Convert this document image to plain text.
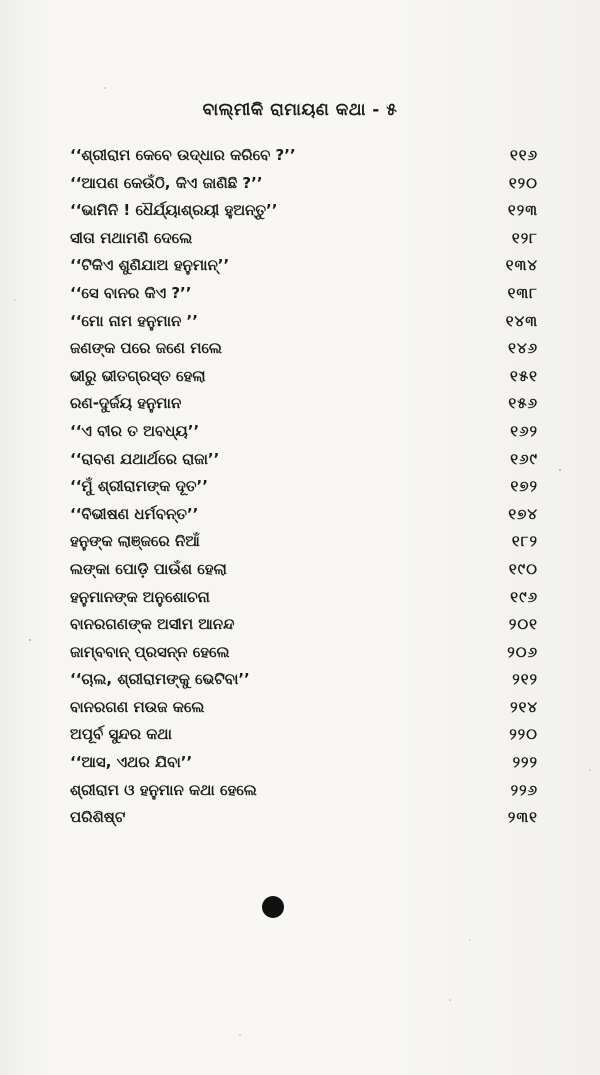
ବାଲ୍ମୀକି ରାମାୟଣ କଥା - ୫
‘‘ଶ୍ରୀରାମ କେବେ ଉଦ୍ଧାର କରିବେ ?’’	୧୧୬
‘‘ଆପଣ କେଉଁଠି, କିଏ ଜାଣିଛି ?’’	୧୨୦
‘‘ଭାମିନି ! ଧୈର୍ଯ୍ୟାଶ୍ରୟୀ ହୁଅନ୍ତୁ’’	୧୨୩
ସୀତା ମଥାମଣି ଦେଲେ	୧୨୮
‘‘ଟିକିଏ ଶୁଣିଯାଅ ହନୁମାନ୍’’	୧୩୪
‘‘ସେ ବାନର କିଏ ?’’	୧୩୮
‘‘ମୋ ନାମ ହନୁମାନ ’’	୧୪୩
ଜଣଙ୍କ ପରେ ଜଣେ ମଲେ	୧୪୬
ଭୀରୁ ଭୀତଗ୍ରସ୍ତ ହେଲା	୧୫୧
ରଣ-ଦୁର୍ଜୟ ହନୁମାନ	୧୫୬
‘‘ଏ ବୀର ତ ଅବଧ୍ୟ’’	୧୬୨
‘‘ରାବଣ ଯଥାର୍ଥରେ ରାଜା’’	୧୬୯
‘‘ମୁଁ ଶ୍ରୀରାମଙ୍କ ଦୂତ’’	୧୭୨
‘‘ବିଭୀଷଣ ଧର୍ମବନ୍ତ’’	୧୭୪
ହନୁଙ୍କ ଲାଞ୍ଜରେ ନିଆଁ	୧୮୨
ଲଙ୍କା ପୋଡ଼ି ପାଉଁଶ ହେଲା	୧୯୦
ହନୁମାନଙ୍କ ଅନୁଶୋଚନା	୧୯୬
ବାନରଗଣଙ୍କ ଅସୀମ ଆନନ୍ଦ	୨୦୧
ଜାମ୍ବବାନ୍ ପ୍ରସନ୍ନ ହେଲେ	୨୦୬
‘‘ଚାଲ, ଶ୍ରୀରାମଙ୍କୁ ଭେଟିବା’’	୨୧୨
ବାନରଗଣ ମଉଜ କଲେ	୨୧୪
ଅପୂର୍ବ ସୁନ୍ଦର କଥା	୨୨୦
‘‘ଆସ, ଏଥର ଯିବା’’	୨୨୨
ଶ୍ରୀରାମ ଓ ହନୁମାନ କଥା ହେଲେ	୨୨୬
ପରିଶିଷ୍ଟ	୨୩୧
